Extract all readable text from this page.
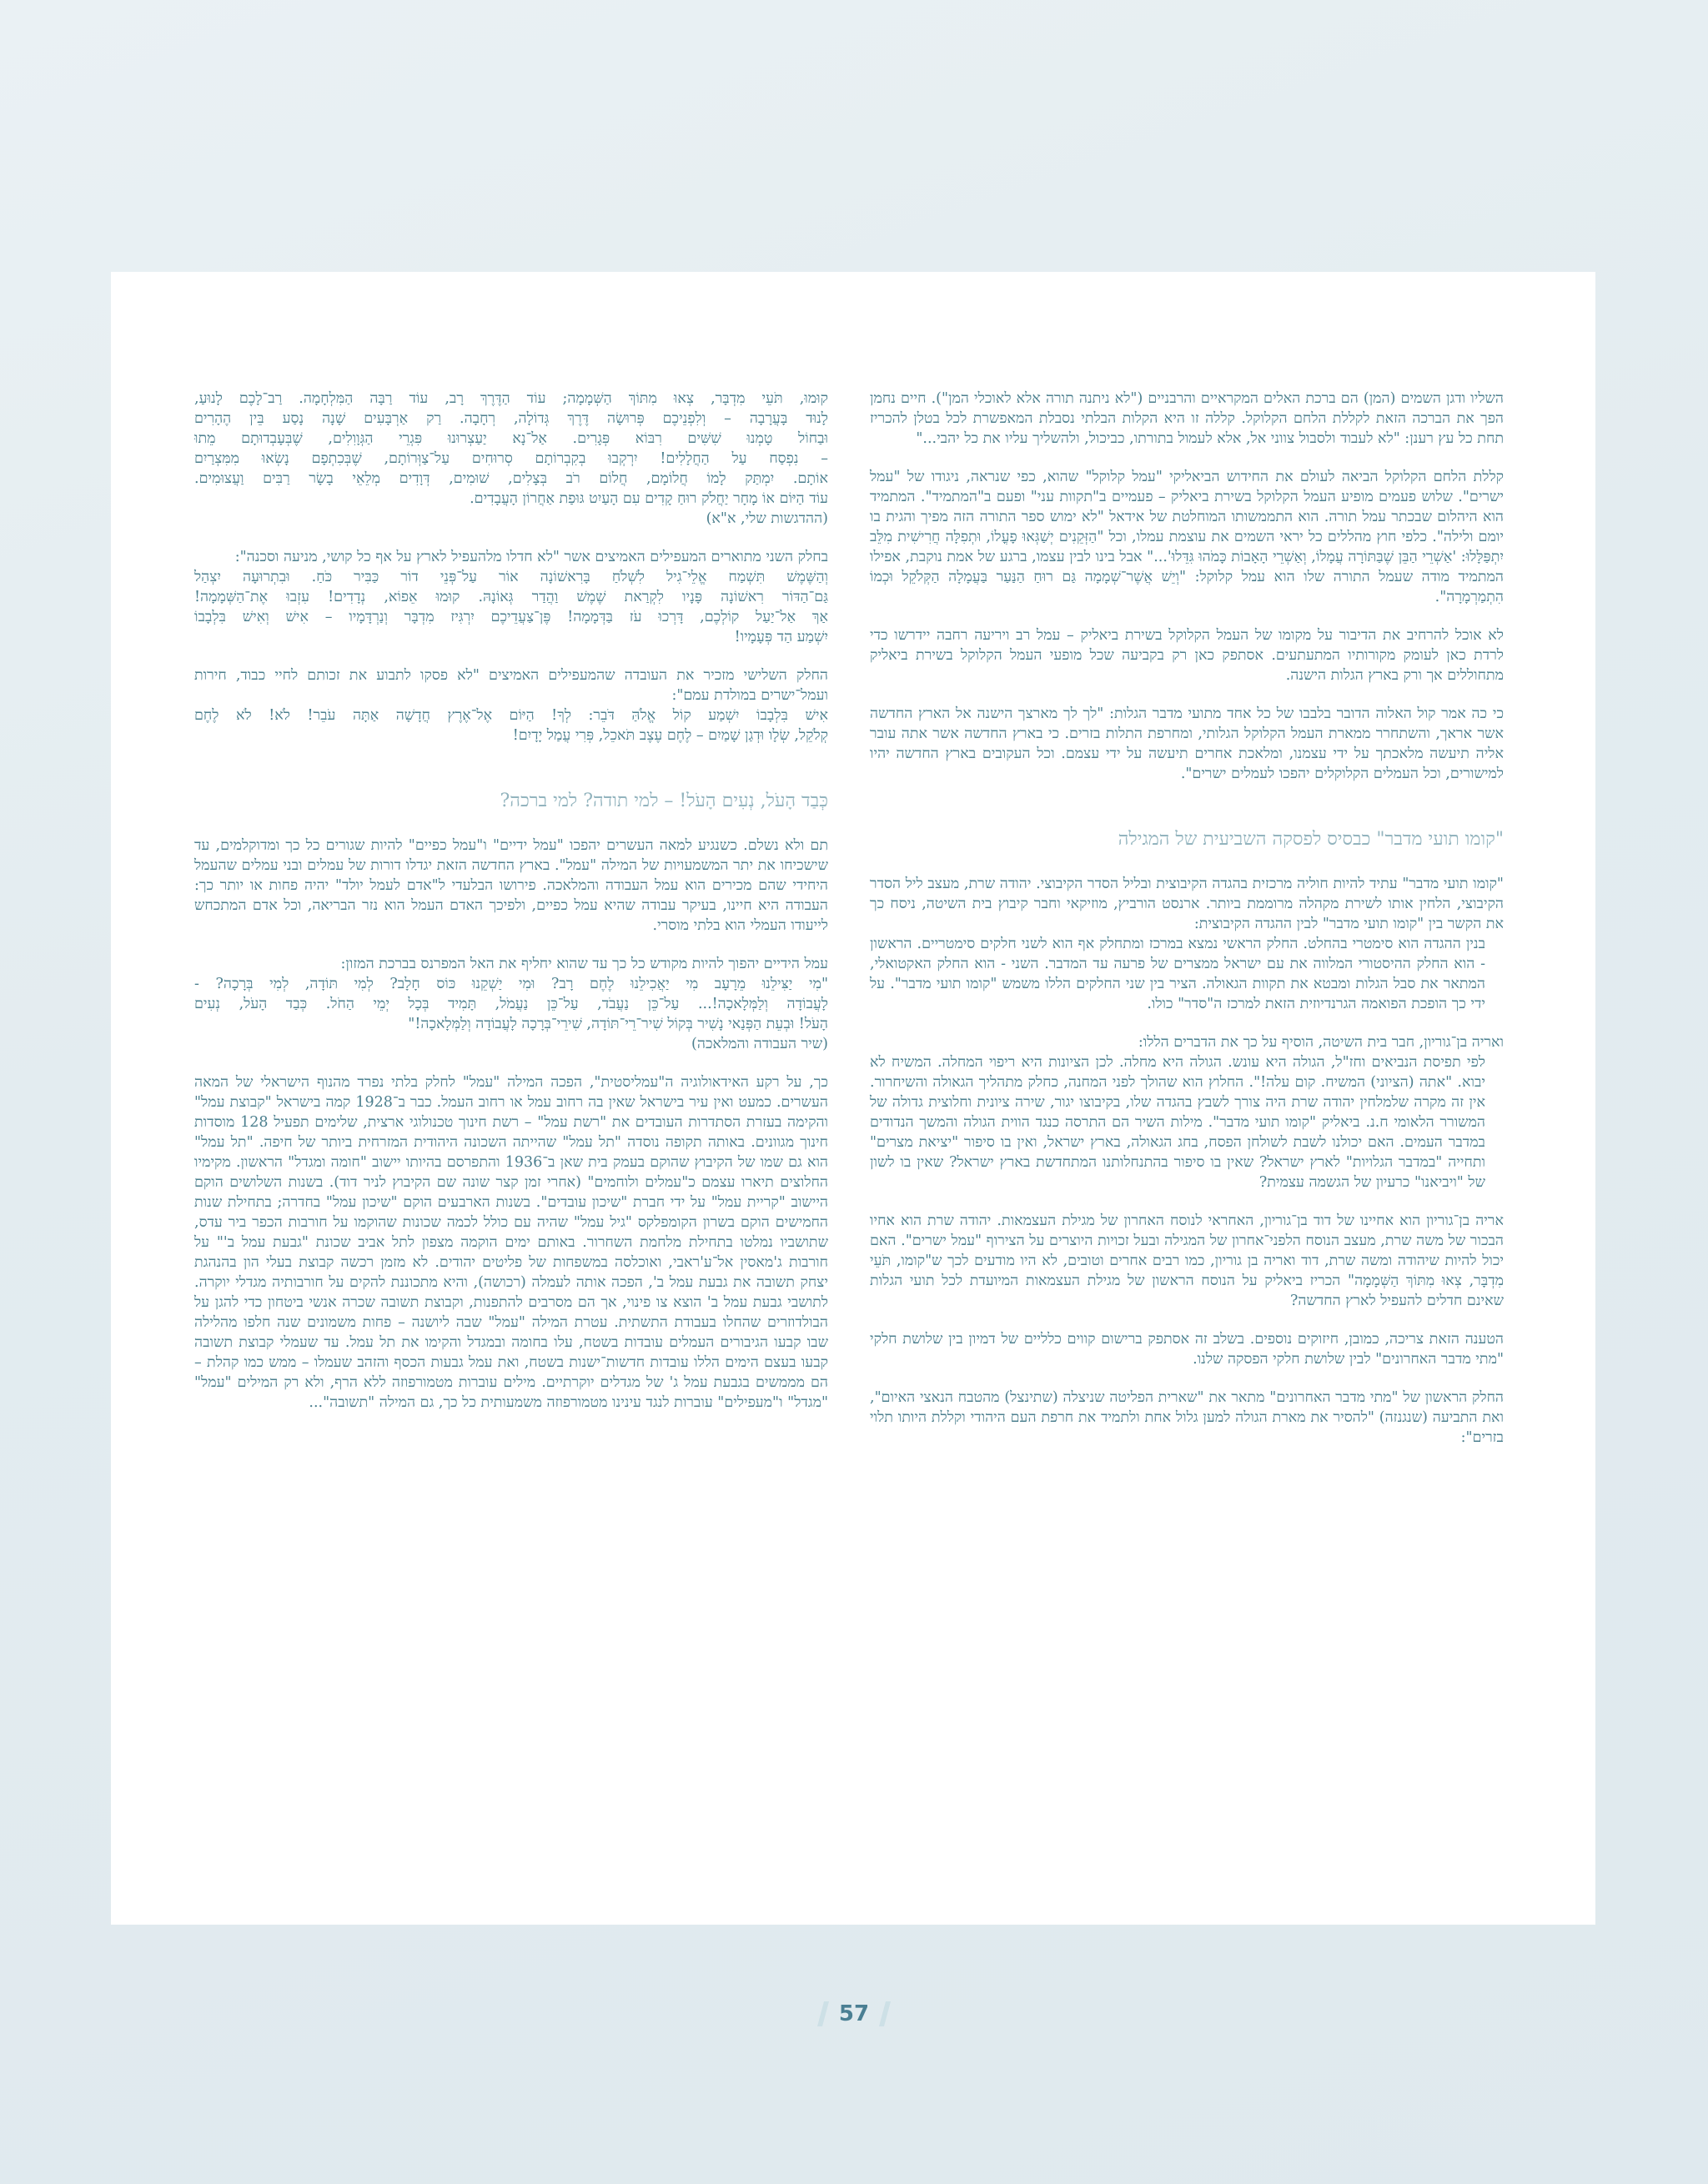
השליו ודגן השמים (המן) הם ברכת האלים המקראיים והרבניים ("לא ניתנה תורה אלא לאוכלי המן"). חיים נחמן הפך את הברכה הזאת לקללת הלחם הקלוקל. קללה זו היא הקלות הבלתי נסבלת המאפשרת לכל בטלן להכריז תחת כל עץ רענן: "לא לעבוד ולסבול צווני אל, אלא לעמול בתורתו, כביכול, ולהשליך עליו את כל יהבי..."

קללת הלחם הקלוקל הביאה לעולם את החידוש הביאליקי "עמל קלוקל" שהוא, כפי שנראה, ניגודו של "עמל ישרים". שלוש פעמים מופיע העמל הקלוקל בשירת ביאליק – פעמיים ב"תקוות עני" ופעם ב"המתמיד". המתמיד הוא היהלום שבכתר עמל תורה. הוא התממשותו המוחלטת של אידאל "לא ימוש ספר התורה הזה מפיך והגית בו יומם ולילה". כלפי חוץ מהללים כל יראי השמים את עוצמת עמלו, וכל "הַזְּקֵנִים יְשַׁגְּאוּ פָעֳלוֹ, וּתְפִלָּה חֲרִישִׁית מִלֵּב יִתְפַּלָּלוּ: 'אַשְׁרֵי הַבֵּן שֶׁבַּתּוֹרָה עֲמָלוֹ, וְאַשְׁרֵי הָאָבוֹת כָּמֹהוּ גִּדֵּלוּ'..." אבל בינו לבין עצמו, ברגע של אמת נוקבת, אפילו המתמיד מודה שעמל התורה שלו הוא עמל קלוקל: "וְיֵשׁ אֲשֶׁר־שְׁמָמָה גַּם רוּחַ הַנַּעַר בַּעֲמָלָה הַקְּלֹקֵל וּכְמוֹ הִתְמַרְמָרָה".

לא אוכל להרחיב את הדיבור על מקומו של העמל הקלוקל בשירת ביאליק – עמל רב ויריעה רחבה יידרשו כדי לרדת כאן לעומק מקורותיו המתעתעים. אסתפק כאן רק בקביעה שכל מופעי העמל הקלוקל בשירת ביאליק מתחוללים אך ורק בארץ הגלות הישנה.

כי כה אמר קול האלוה הדובר בלבבו של כל אחד מתועי מדבר הגלות: "לך לך מארצך הישנה אל הארץ החדשה אשר אראך, והשתחרר ממארת העמל הקלוקל הגלותי, ומחרפת התלות בזרים. כי בארץ החדשה אשר אתה עובר אליה תיעשה מלאכתך על ידי עצמנו, ומלאכת אחרים תיעשה על ידי עצמם. וכל העקובים בארץ החדשה יהיו למישורים, וכל העמלים הקלוקלים יהפכו לעמלים ישרים".

"קומו תועי מדבר" כבסיס לפסקה השביעית של המגילה

"קומו תועי מדבר" עתיד להיות חוליה מרכזית בהגדה הקיבוצית ובליל הסדר הקיבוצי. יהודה שרת, מעצב ליל הסדר הקיבוצי, הלחין אותו לשירת מקהלה מרוממת ביותר. ארנסט הורביץ, מוזיקאי וחבר קיבוץ בית השיטה, ניסח כך את הקשר בין "קומו תועי מדבר" לבין ההגדה הקיבוצית:

בנין ההגדה הוא סימטרי בהחלט. החלק הראשי נמצא במרכז ומתחלק אף הוא לשני חלקים סימטריים. הראשון - הוא החלק ההיסטורי המלווה את עם ישראל ממצרים של פרעה עד המדבר. השני - הוא החלק האקטואלי, המתאר את סבל הגלות ומבטא את תקוות הגאולה. הציר בין שני החלקים הללו משמש "קומו תועי מדבר". על ידי כך הופכת הפואמה הגרנדיוזית הזאת למרכז ה"סדר" כולו.

ואריה בן־גוריון, חבר בית השיטה, הוסיף על כך את הדברים הללו:

לפי תפיסת הנביאים וחז"ל, הגולה היא עונש. הגולה היא מחלה. לכן הציונות היא ריפוי המחלה. המשיח לא יבוא. "אתה (הציוני) המשיח. קום עלה!". החלוץ הוא שהולך לפני המחנה, כחלק מתהליך הגאולה והשיחרור. אין זה מקרה שלמלחין יהודה שרת היה צורך לשבץ בהגדה שלו, בקיבוצו יגור, שירה ציונית וחלוצית גדולה של המשורר הלאומי ח.נ. ביאליק "קומו תועי מדבר". מילות השיר הם התרסה כנגד הווית הגולה והמשך הנדודים במדבר העמים. האם יכולנו לשבת לשולחן הפסח, בחג הגאולה, בארץ ישראל, ואין בו סיפור "יציאת מצרים" ותחייה "במדבר הגלויות" לארץ ישראל? שאין בו סיפור בהתנחלותנו המתחדשת בארץ ישראל? שאין בו לשון של "ויביאנו" כרעיון של הגשמה עצמית?

אריה בן־גוריון הוא אחיינו של דוד בן־גוריון, האחראי לנוסח האחרון של מגילת העצמאות. יהודה שרת הוא אחיו הבכור של משה שרת, מעצב הנוסח הלפני־אחרון של המגילה ובעל זכויות היוצרים על הצירוף "עמל ישרים". האם יכול להיות שיהודה ומשה שרת, דוד ואריה בן גוריון, כמו רבים אחרים וטובים, לא היו מודעים לכך ש"קומו, תֹּעֵי מִדְבָּר, צְאוּ מִתּוֹךְ הַשְּׁמָמָה" הכריז ביאליק על הנוסח הראשון של מגילת העצמאות המיועדת לכל תועי הגלות שאינם חדלים להעפיל לארץ החדשה?

הטענה הזאת צריכה, כמובן, חיזוקים נוספים. בשלב זה אסתפק ברישום קווים כלליים של דמיון בין שלושת חלקי "מתי מדבר האחרונים" לבין שלושת חלקי הפסקה שלנו.

החלק הראשון של "מתי מדבר האחרונים" מתאר את "שארית הפליטה שניצלה (שתינצל) מהטבח הנאצי האיום", ואת התביעה (שנגנזה) "להסיר את מארת הגולה למען גלול אחת ולתמיד את חרפת העם היהודי וקללת היותו תלוי בזרים":

קוּמוּ, תֹּעֵי מִדְבָּר, צְאוּ מִתּוֹךְ הַשְּׁמָמָה; עוֹד הַדֶּרֶךְ רָב, עוֹד רַבָּה הַמִּלְחָמָה. רַב־לָכֶם לָנוּעַ,
לָנוּד בָּעֲרָבָה – וְלִפְנֵיכֶם פְּרוּשָׂה דֶּרֶךְ גְּדוֹלָה, רְחָבָה. רַק אַרְבָּעִים שָׁנָה נָסַע בֵּין הֶהָרִים
וּבַחוֹל טָמְנוּ שִׁשִּׁים רִבּוֹא פְּגָרִים. אַל־נָא יַעַצְרוּנוּ פִּגְרֵי הַגְּוָוִלִים, שֶׁבְּעָבְדוּתָם מֵתוּ
– נִפְסַח עַל הַחֲלָלִים! יִרְקְבוּ בְקִבְרוֹתָם סְרוּחִים עַל־צַוְּרוֹתָם, שֶׁבְּכִתְפָם נָשְׂאוּ מִמִּצְרַיִם
אוֹתָם. יִמְתַּק לָמוֹ חֲלוֹמָם, חֲלוֹם רֹב בְּצָלִים, שׁוּמִים, דְּוָדִים מְלֵאֵי בָשָׂר רַבִּים וַעֲצוּמִים.
עוֹד הַיּוֹם אוֹ מָחָר יַחֲלֹק רוּחַ קָדִים עִם הָעַיִט גּוּפַת אַחֲרוֹן הָעֲבָדִים.
(ההדגשות שלי, א"א)

בחלק השני מתוארים המעפילים האמיצים אשר "לא חדלו מלהעפיל לארץ על אף כל קושי, מניעה וסכנה":

וְהַשֶּׁמֶשׁ תִּשְׁמַח אֱלֵי־גִיל לִשְׁלֹחַ בָּרִאשׁוֹנָה אוֹר עַל־פְּנֵי דוֹר כַּבִּיר כֹּחַ. וּבִתְרוּעָה יִצְהַל
גַּם־הַדּוֹר רִאשׁוֹנָה פָּנָיו לִקְרַאת שֶׁמֶשׁ וַהֲדַר גְּאוֹנָהּ. קוּמוּ אֵפוֹא, נְדָדִים! עִזְבוּ אֶת־הַשְּׁמָמָה!
אַךְ אַל־יַעַל קוֹלְכֶם, דָּרְכוּ עֹז בַּדְּמָמָה! פֶּן־צַעֲדֵיכֶם יִרְגִּיז מִדְבָּר וְנַרְדָּמָיו – אִישׁ וְאִישׁ בִּלְבָבוֹ
יִשְׁמַע הַד פְּעָמָיו!

החלק השלישי מזכיר את העובדה שהמעפילים האמיצים "לא פסקו לתבוע את זכותם לחיי כבוד, חירות ועמל־ישרים במולדת עמם":

אִישׁ בִּלְבָבוֹ יִשְׁמַע קוֹל אֱלֹהַּ דֹּבֵר: לְךָ! הַיּוֹם אֶל־אֶרֶץ חֲדָשָׁה אַתָּה עֹבֵר! לֹא! לֹא לֶחֶם
קְלֹקֵל, שְׂלָו וּדְגַן שָׁמַיִם – לֶחֶם עֶצֶב תֹּאכֵל, פְּרִי עֲמַל יָדָיִם!
כְּבַד הָעֹל, נְעִים הָעֹל! – למי תודה? למי ברכה?

תם ולא נשלם. כשנגיע למאה העשרים יהפכו "עמל ידיים" ו"עמל כפיים" להיות שגורים כל כך ומדוקלמים, עד שישכיחו את יתר המשמעויות של המילה "עמל". בארץ החדשה הזאת יגדלו דורות של עמלים ובני עמלים שהעמל היחידי שהם מכירים הוא עמל העבודה והמלאכה. פירושו הבלעדי ל"אדם לעמל יולד" יהיה פחות או יותר כך: העבודה היא חיינו, בעיקר עבודה שהיא עמל כפיים, ולפיכך האדם העמל הוא נזר הבריאה, וכל אדם המתכחש לייעודו העמלי הוא בלתי מוסרי.

עמל הידיים יהפוך להיות מקודש כל כך עד שהוא יחליף את האל המפרנס בברכת המזון:

"מִי יַצִּילֵנוּ מֵרָעָב מִי יַאֲכִילֵנוּ לֶחֶם רָב? וּמִי יַשְׁקֵנוּ כּוֹס חָלָב? לְמִי תּוֹדָה, לְמִי בְּרָכָה? -
לָעֲבוֹדָה וְלַמְּלָאכָה!... עַל־כֵּן נַעֲבֹד, עַל־כֵּן נַעֲמֹל, תָּמִיד בְּכָל יְמֵי הַחֹל. כְּבַד הָעֹל, נְעִים
הָעֹל! וּבְעֵת הַפְּנַאי נָשִׁיר בְּקוֹל שִׁיר־רֵי־תּוֹדָה, שִׁירֵי־בְּרָכָה לָעֲבוֹדָה וְלַמְּלָאכָה!"
(שיר העבודה והמלאכה)

כך, על רקע האידאולוגיה ה"עמליסטית", הפכה המילה "עמל" לחלק בלתי נפרד מהנוף הישראלי של המאה העשרים. כמעט ואין עיר בישראל שאין בה רחוב עמל או רחוב העמל. כבר ב־1928 קמה בישראל "קבוצת עמל" והקימה בעזרת הסתדרות העובדים את "רשת עמל" – רשת חינוך טכנולוגי ארצית, שלימים תפעיל 128 מוסדות חינוך מגוונים. באותה תקופה נוסדה "תל עמל" שהייתה השכונה היהודית המזרחית ביותר של חיפה. "תל עמל" הוא גם שמו של הקיבוץ שהוקם בעמק בית שאן ב־1936 והתפרסם בהיותו יישוב "חומה ומגדל" הראשון. מקימיו החלוצים תיארו עצמם כ"עמלים ולוחמים" (אחרי זמן קצר שונה שם הקיבוץ לניר דוד). בשנות השלושים הוקם היישוב "קריית עמל" על ידי חברת "שיכון עובדים". בשנות הארבעים הוקם "שיכון עמל" בחדרה; בתחילת שנות החמישים הוקם בשרון הקומפלקס "גיל עמל" שהיה עם כולל לכמה שכונות שהוקמו על חורבות הכפר ביר עדס, שתושביו נמלטו בתחילת מלחמת השחרור. באותם ימים הוקמה מצפון לתל אביב שכונת "גבעת עמל ב'" על חורבות ג'מאסין אל־ע'ראבי, ואוכלסה במשפחות של פליטים יהודים. לא מזמן רכשה קבוצת בעלי הון בהנהגת יצחק תשובה את גבעת עמל ב', הפכה אותה לעמלה (רכושה), והיא מתכוננת להקים על חורבותיה מגדלי יוקרה. לתושבי גבעת עמל ב' הוצא צו פינוי, אך הם מסרבים להתפנות, וקבוצת תשובה שכרה אנשי ביטחון כדי להגן על הבולדוזרים שהחלו בעבודת התשתית. עטרת המילה "עמל" שבה ליושנה – פחות משמונים שנה חלפו מהלילה שבו קבעו הגיבורים העמלים עובדות בשטח, עלו בחומה ובמגדל והקימו את תל עמל. עד שעמלי קבוצת תשובה קבעו בעצם הימים הללו עובדות חדשות־ישנות בשטח, ואת עמל גבעות הכסף והזהב שעמלו – ממש כמו קהלת – הם מממשים בגבעת עמל ג' של מגדלים יוקרתיים. מילים עוברות מטמורפוזה ללא הרף, ולא רק המילים "עמל" "מגדל" ו"מעפילים" עוברות לנגד עינינו מטמורפוזה משמעותית כל כך, גם המילה "תשובה"...

57
